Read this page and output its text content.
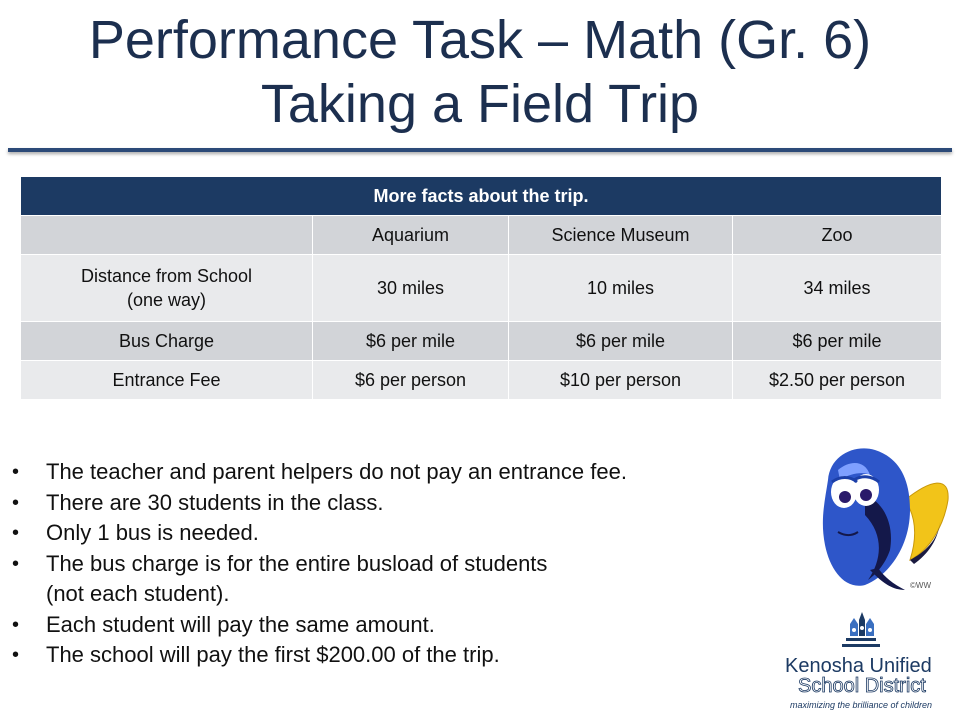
Performance Task – Math (Gr. 6)
Taking a Field Trip
More facts about the trip.			
	Aquarium	Science Museum	Zoo
Distance from School
(one way)	30 miles	10 miles	34 miles
Bus Charge	$6 per mile	$6 per mile	$6 per mile
Entrance Fee	$6 per person	$10 per person	$2.50 per person
• The teacher and parent helpers do not pay an entrance fee.
• There are 30 students in the class.
• Only 1 bus is needed.
• The bus charge is for the entire busload of students
(not each student).
• Each student will pay the same amount.
• The school will pay the first $200.00 of the trip.
©WW
Kenosha Unified
School District
maximizing the brilliance of children
